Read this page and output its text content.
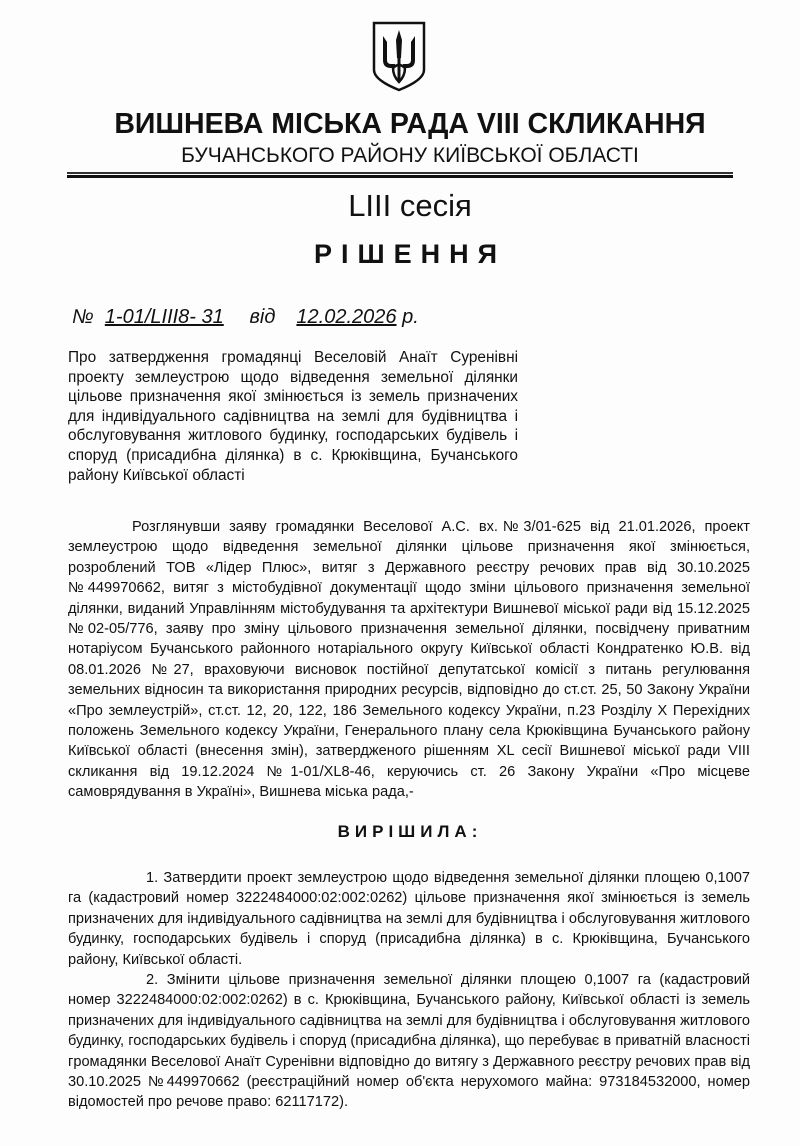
ВИШНЕВА МІСЬКА РАДА VIII СКЛИКАННЯ
БУЧАНСЬКОГО РАЙОНУ КИЇВСЬКОЇ ОБЛАСТІ
LIII сесія
РІШЕННЯ
№ 1-01/LIII8- 31 від 12.02.2026 р.

Про затвердження громадянці Веселовій Анаїт Суренівні проекту землеустрою щодо відведення земельної ділянки цільове призначення якої змінюється із земель призначених для індивідуального садівництва на землі для будівництва і обслуговування житлового будинку, господарських будівель і споруд (присадибна ділянка) в с. Крюківщина, Бучанського району Київської області

Розглянувши заяву громадянки Веселової А.С. вх.№3/01-625 від 21.01.2026, проект землеустрою щодо відведення земельної ділянки цільове призначення якої змінюється, розроблений ТОВ «Лідер Плюс», витяг з Державного реєстру речових прав від 30.10.2025 №449970662, витяг з містобудівної документації щодо зміни цільового призначення земельної ділянки, виданий Управлінням містобудування та архітектури Вишневої міської ради від 15.12.2025 №02-05/776, заяву про зміну цільового призначення земельної ділянки, посвідчену приватним нотаріусом Бучанського районного нотаріального округу Київської області Кондратенко Ю.В. від 08.01.2026 №27, враховуючи висновок постійної депутатської комісії з питань регулювання земельних відносин та використання природних ресурсів, відповідно до ст.ст. 25, 50 Закону України «Про землеустрій», ст.ст. 12, 20, 122, 186 Земельного кодексу України, п.23 Розділу Х Перехідних положень Земельного кодексу України, Генерального плану села Крюківщина Бучанського району Київської області (внесення змін), затвердженого рішенням XL сесії Вишневої міської ради VIII скликання від 19.12.2024 №1-01/XL8-46, керуючись ст. 26 Закону України «Про місцеве самоврядування в Україні», Вишнева міська рада,-

ВИРІШИЛА:

1. Затвердити проект землеустрою щодо відведення земельної ділянки площею 0,1007 га (кадастровий номер 3222484000:02:002:0262) цільове призначення якої змінюється із земель призначених для індивідуального садівництва на землі для будівництва і обслуговування житлового будинку, господарських будівель і споруд (присадибна ділянка) в с. Крюківщина, Бучанського району, Київської області.

2. Змінити цільове призначення земельної ділянки площею 0,1007 га (кадастровий номер 3222484000:02:002:0262) в с. Крюківщина, Бучанського району, Київської області із земель призначених для індивідуального садівництва на землі для будівництва і обслуговування житлового будинку, господарських будівель і споруд (присадибна ділянка), що перебуває в приватній власності громадянки Веселової Анаїт Суренівни відповідно до витягу з Державного реєстру речових прав від 30.10.2025 №449970662 (реєстраційний номер об'єкта нерухомого майна: 973184532000, номер відомостей про речове право: 62117172).
